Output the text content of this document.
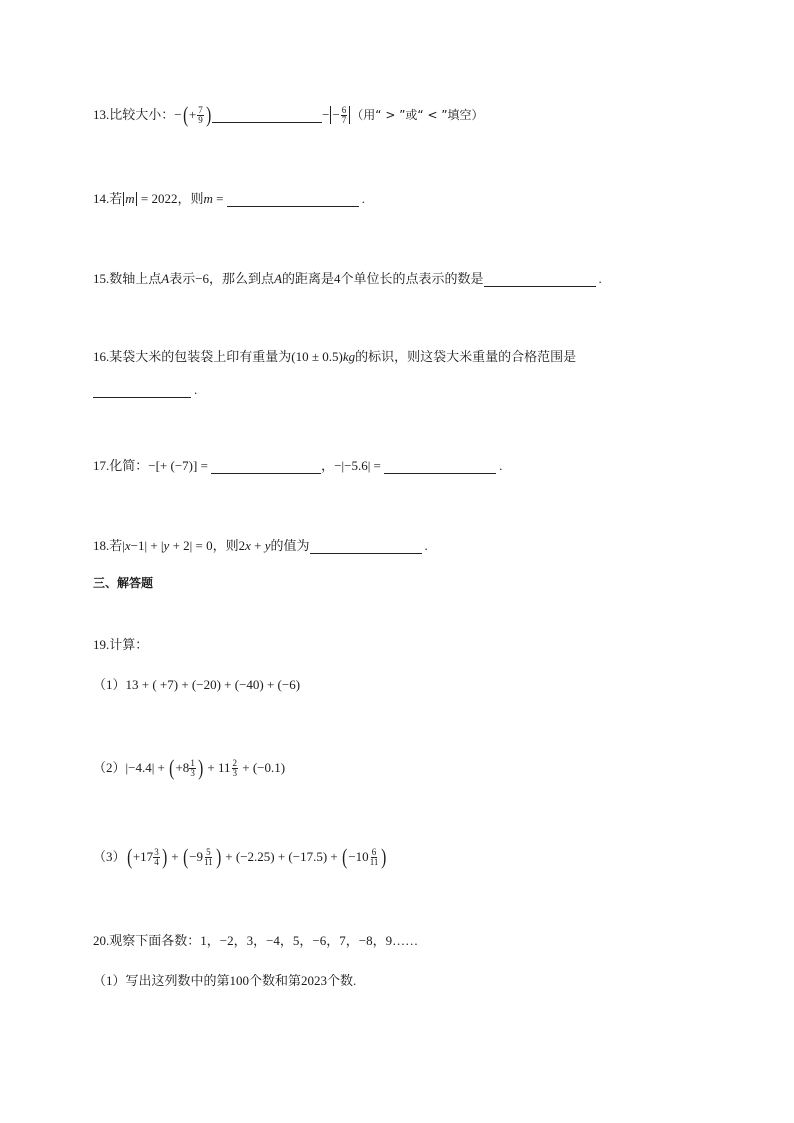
13. 比较大小： − ( + $\frac{7}{9}$ )	− − $\frac{6}{7}$ （用“ > ”或“ < ”填空）
14. 若 m = 2022，则 m =	.
15.数轴上点 A 表示−6，那么到点 A 的距离是4个单位长的点表示的数是	.
16.某袋大米的包装袋上印有重量为 (10 ± 0.5) kg 的标识，则这袋大米重量的合格范围是
.
17.化简： −[+ (−7)] =	， −|−5.6| =	.
18.若 | x −1| + | y + 2| = 0，则 2 x + y 的值为	.
三、解答题
19.计算：
（1） 13 + ( +7) + (−20) + (−40) + (−6)
（2） |−4.4| + ( $+8 \frac{1}{3}$ ) + $11 \frac{2}{3} + (-0.1)$
（3） ( $+17 \frac{3}{4}$ ) + ( $-9 \frac{5}{11}$ ) + (−2.25) + (−17.5) + ( $-10 \frac{6}{11}$ )
20.观察下面各数：1，−2，3，−4，5，−6，7，−8，9……
（1）写出这列数中的第100个数和第2023个数.
